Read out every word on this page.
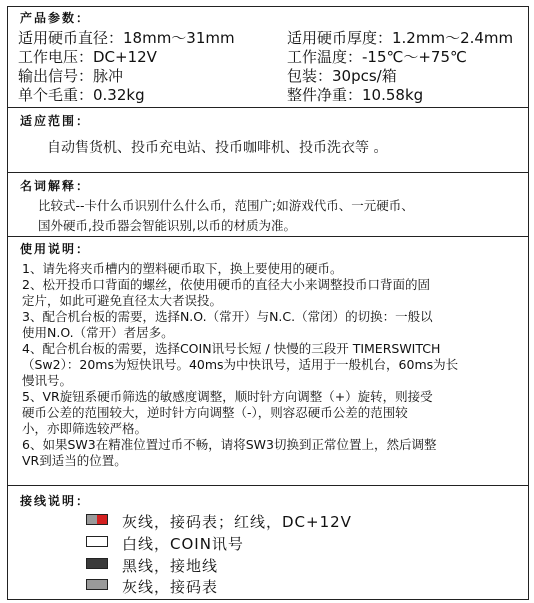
产品参数：
适用硬币直径：18mm～31mm	适用硬币厚度：1.2mm～2.4mm
工作电压：DC+12V	工作温度：-15℃～+75℃
输出信号：脉冲	包装：30pcs/箱
单个毛重：0.32kg	整件净重：10.58kg
适应范围：
自动售货机、投币充电站、投币咖啡机、投币洗衣等 。
名词解释：
比较式--卡什么币识别什么什么币，范围广;如游戏代币、一元硬币、
国外硬币,投币器会智能识别,以币的材质为准。
使用说明：
1、请先将夹币槽内的塑料硬币取下，换上要使用的硬币。
2、松开投币口背面的螺丝，依使用硬币的直径大小来调整投币口背面的固
定片，如此可避免直径太大者误投。
3、配合机台板的需要，选择N.O.（常开）与N.C.（常闭）的切换：一般以
使用N.O.（常开）者居多。
4、配合机台板的需要，选择COIN讯号长短 / 快慢的三段开 TIMERSWITCH
（Sw2）：20ms为短快讯号。40ms为中快讯号，适用于一般机台，60ms为长
慢讯号。
5、VR旋钮系硬币筛选的敏感度调整，顺时针方向调整（+）旋转，则接受
硬币公差的范围较大，逆时针方向调整（-），则容忍硬币公差的范围较
小，亦即筛选较严格。
6、如果SW3在精准位置过币不畅，请将SW3切换到正常位置上，然后调整
VR到适当的位置。
接线说明：
灰线，接码表；红线，DC+12V
白线，COIN讯号
黑线，接地线
灰线，接码表
